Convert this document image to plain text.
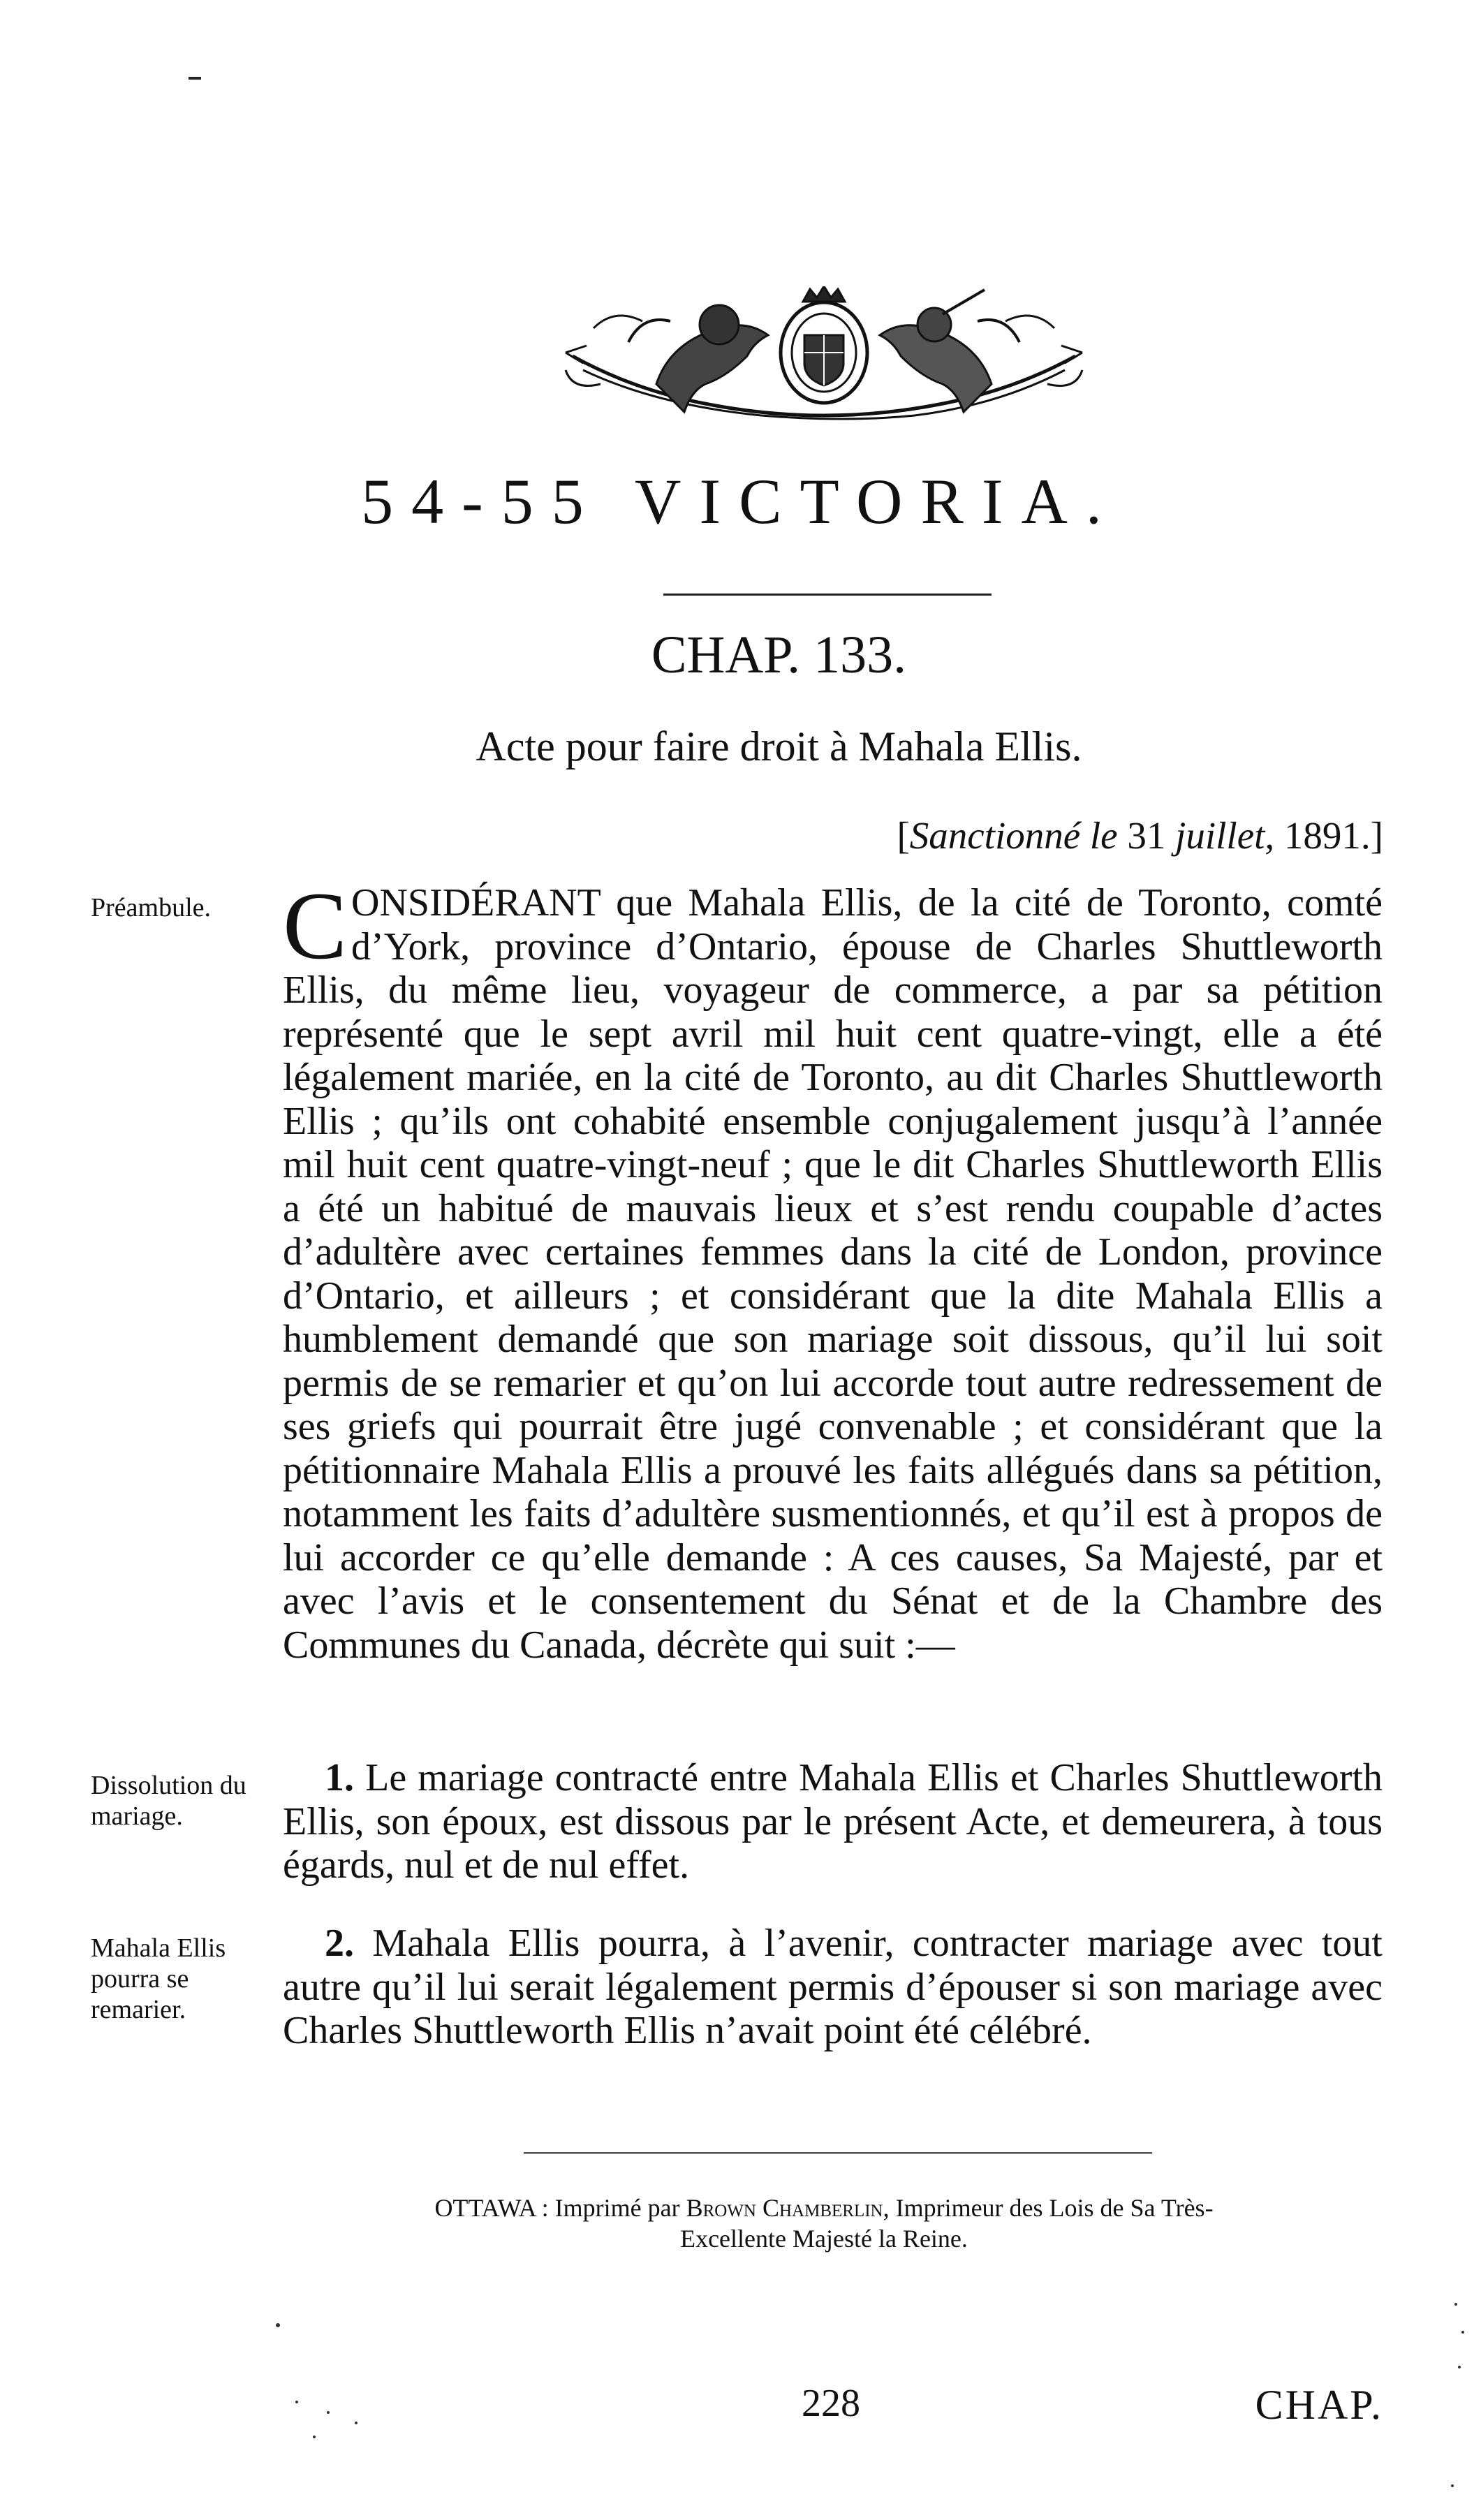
54-55 VICTORIA.
CHAP. 133.
Acte pour faire droit à Mahala Ellis.
[Sanctionné le 31 juillet, 1891.]
Préambule. CONSIDÉRANT que Mahala Ellis, de la cité de Toronto, comté d’York, province d’Ontario, épouse de Charles Shuttleworth Ellis, du même lieu, voyageur de commerce, a par sa pétition représenté que le sept avril mil huit cent quatre-vingt, elle a été légalement mariée, en la cité de Toronto, au dit Charles Shuttleworth Ellis ; qu’ils ont cohabité ensemble conjugalement jusqu’à l’année mil huit cent quatre-vingt-neuf ; que le dit Charles Shuttleworth Ellis a été un habitué de mauvais lieux et s’est rendu coupable d’actes d’adultère avec certaines femmes dans la cité de London, province d’Ontario, et ailleurs ; et considérant que la dite Mahala Ellis a humblement demandé que son mariage soit dissous, qu’il lui soit permis de se remarier et qu’on lui accorde tout autre redressement de ses griefs qui pourrait être jugé convenable ; et considérant que la pétitionnaire Mahala Ellis a prouvé les faits allégués dans sa pétition, notamment les faits d’adultère susmentionnés, et qu’il est à propos de lui accorder ce qu’elle demande : A ces causes, Sa Majesté, par et avec l’avis et le consentement du Sénat et de la Chambre des Communes du Canada, décrète qui suit :—
Dissolution du mariage.
1. Le mariage contracté entre Mahala Ellis et Charles Shuttleworth Ellis, son époux, est dissous par le présent Acte, et demeurera, à tous égards, nul et de nul effet.
Mahala Ellis pourra se remarier.
2. Mahala Ellis pourra, à l’avenir, contracter mariage avec tout autre qu’il lui serait légalement permis d’épouser si son mariage avec Charles Shuttleworth Ellis n’avait point été célébré.
OTTAWA : Imprimé par Brown Chamberlin, Imprimeur des Lois de Sa Très-
Excellente Majesté la Reine.
228	CHAP.
